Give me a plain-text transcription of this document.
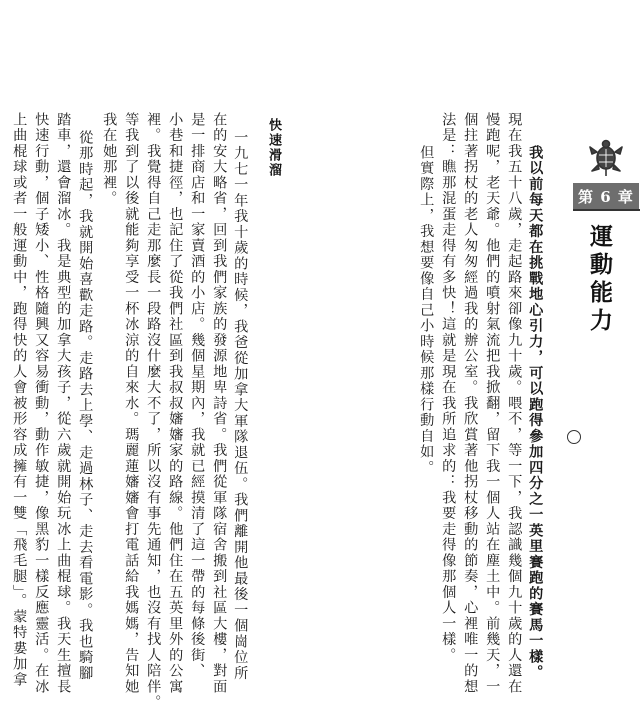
第 6 章
運動能力
快速滑溜	我以前每天都在挑戰地心引力，可以跑得參加四分之一英里賽跑的賽馬一樣。
現在我五十八歲，走起路來卻像九十歲。喂不，等一下，我認識幾個九十歲的人還在
慢跑呢，老天爺。他們的噴射氣流把我掀翻，留下我一個人站在塵土中。前幾天，一
個拄著拐杖的老人匆匆經過我的辦公室。我欣賞著他拐杖移動的節奏，心裡唯一的想
法是：瞧那混蛋走得有多快！這就是現在我所追求的：我要走得像那個人一樣。
但實際上，我想要像自己小時候那樣行動自如。
一九七一年我十歲的時候，我爸從加拿大軍隊退伍。我們離開他最後一個崗位所
在的安大略省，回到我們家族的發源地卑詩省。我們從軍隊宿舍搬到社區大樓，對面
是一排商店和一家賣酒的小店。幾個星期內，我就已經摸清了這一帶的每條後街、
小巷和捷徑，也記住了從我們社區到我叔叔嬸嬸家的路線。他們住在五英里外的公寓
裡。我覺得自己走那麼長一段路沒什麼大不了，所以沒有事先通知，也沒有找人陪伴。
等我到了以後就能夠享受一杯冰涼的自來水。瑪麗蓮嬸嬸會打電話給我媽媽，告知她
我在她那裡。
從那時起，我就開始喜歡走路。走路去上學、走過林子、走去看電影。我也騎腳
踏車，還會溜冰。我是典型的加拿大孩子，從六歲就開始玩冰上曲棍球。我天生擅長
快速行動，個子矮小、性格隨興又容易衝動，動作敏捷，像黑豹一樣反應靈活。在冰
上曲棍球或者一般運動中，跑得快的人會被形容成擁有一雙「飛毛腿」。蒙特婁加拿
